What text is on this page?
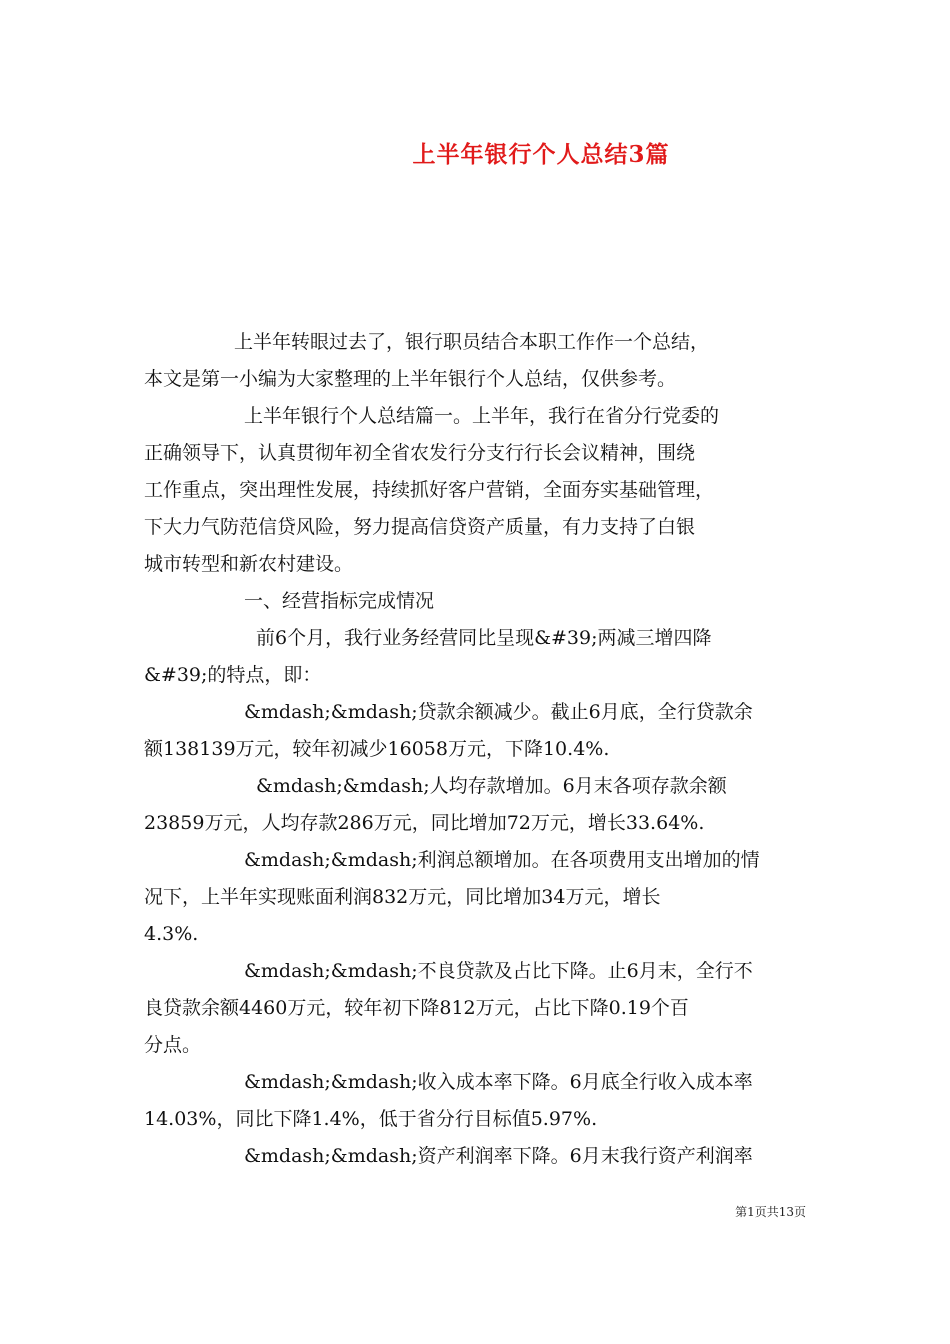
上半年银行个人总结3篇
上半年转眼过去了，银行职员结合本职工作作一个总结，
本文是第一小编为大家整理的上半年银行个人总结，仅供参考。
上半年银行个人总结篇一。上半年，我行在省分行党委的
正确领导下，认真贯彻年初全省农发行分支行行长会议精神，围绕
工作重点，突出理性发展，持续抓好客户营销，全面夯实基础管理，
下大力气防范信贷风险，努力提高信贷资产质量，有力支持了白银
城市转型和新农村建设。
一、经营指标完成情况
前6个月，我行业务经营同比呈现&#39;两减三增四降
&#39;的特点，即：
&mdash;&mdash;贷款余额减少。截止6月底，全行贷款余
额138139万元，较年初减少16058万元，下降10.4%.
&mdash;&mdash;人均存款增加。6月末各项存款余额
23859万元，人均存款286万元，同比增加72万元，增长33.64%.
&mdash;&mdash;利润总额增加。在各项费用支出增加的情
况下，上半年实现账面利润832万元，同比增加34万元，增长
4.3%.
&mdash;&mdash;不良贷款及占比下降。止6月末，全行不
良贷款余额4460万元，较年初下降812万元，占比下降0.19个百
分点。
&mdash;&mdash;收入成本率下降。6月底全行收入成本率
14.03%，同比下降1.4%，低于省分行目标值5.97%.
&mdash;&mdash;资产利润率下降。6月末我行资产利润率
第1页共13页
